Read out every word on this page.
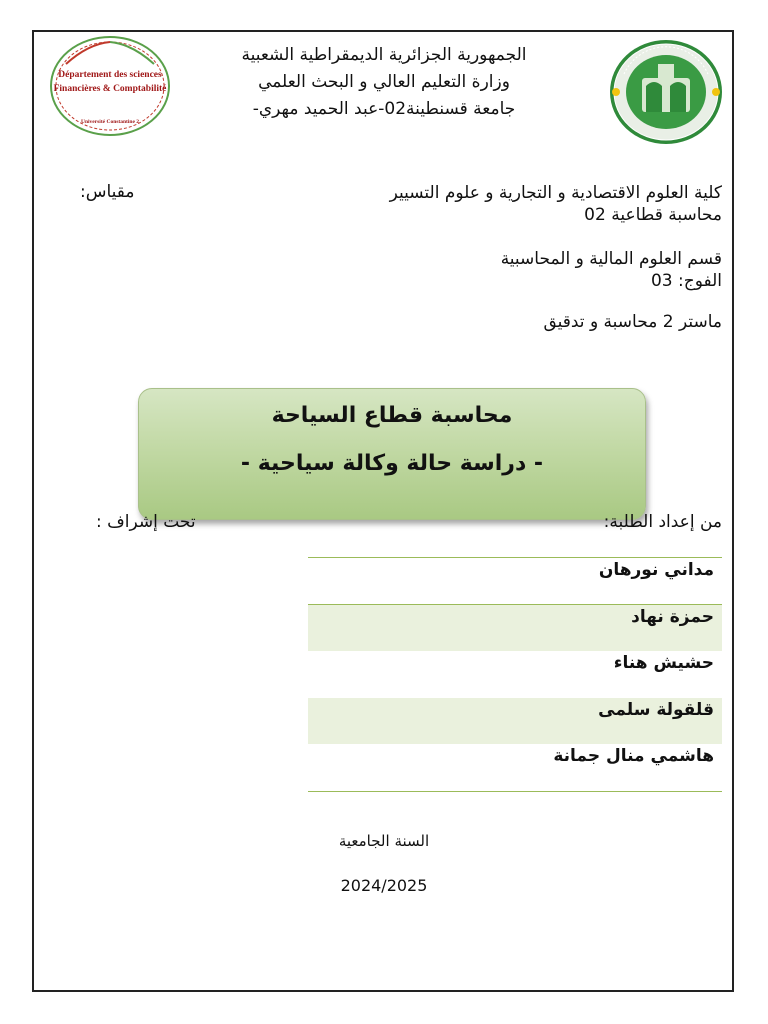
Département des sciences
Financières & Comptabilité
Université Constantine 2
الجمهورية الجزائرية الديمقراطية الشعبية
وزارة التعليم العالي و البحث العلمي
جامعة قسنطينة02-عبد الحميد مهري-
كلية العلوم الاقتصادية و التجارية و علوم التسيير
محاسبة قطاعية 02
مقياس:
قسم العلوم المالية و المحاسبية
الفوج: 03
ماستر 2 محاسبة و تدقيق
محاسبة قطاع السياحة
- دراسة حالة وكالة سياحية -
من إعداد الطلبة:
تحت إشراف :
مداني نورهان
حمزة نهاد
حشيش هناء
قلقولة سلمى
هاشمي منال جمانة
السنة الجامعية
2024/2025
